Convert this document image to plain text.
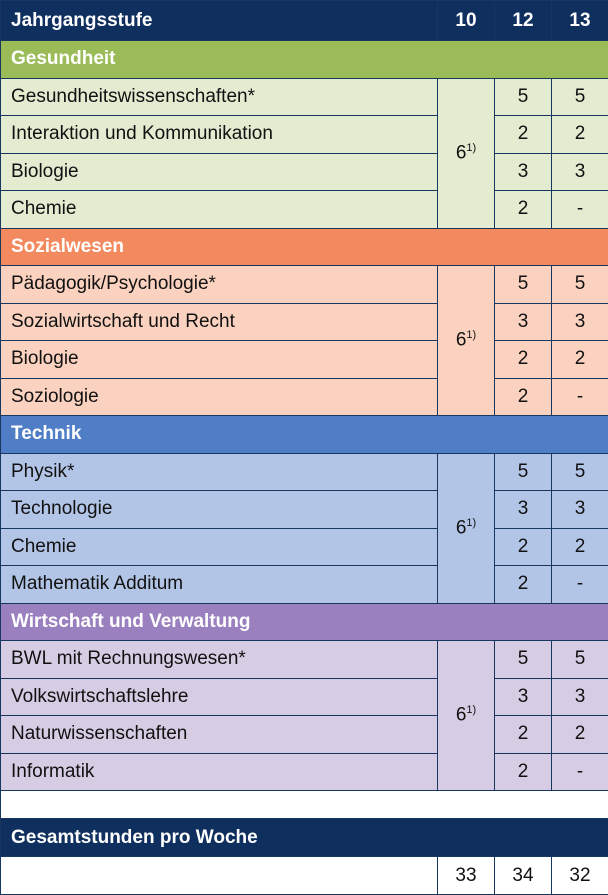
Jahrgangsstufe	10	12	13
Gesundheit			
Gesundheitswissenschaften*	6$^{1)}$	5	5
Interaktion und Kommunikation		2	2
Biologie		3	3
Chemie		2	-
Sozialwesen			
Pädagogik/Psychologie*	6$^{1)}$	5	5
Sozialwirtschaft und Recht		3	3
Biologie		2	2
Soziologie		2	-
Technik			
Physik*	6$^{1)}$	5	5
Technologie		3	3
Chemie		2	2
Mathematik Additum		2	-
Wirtschaft und Verwaltung			
BWL mit Rechnungswesen*	6$^{1)}$	5	5
Volkswirtschaftslehre		3	3
Naturwissenschaften		2	2
Informatik		2	-

Gesamtstunden pro Woche			
	33	34	32
